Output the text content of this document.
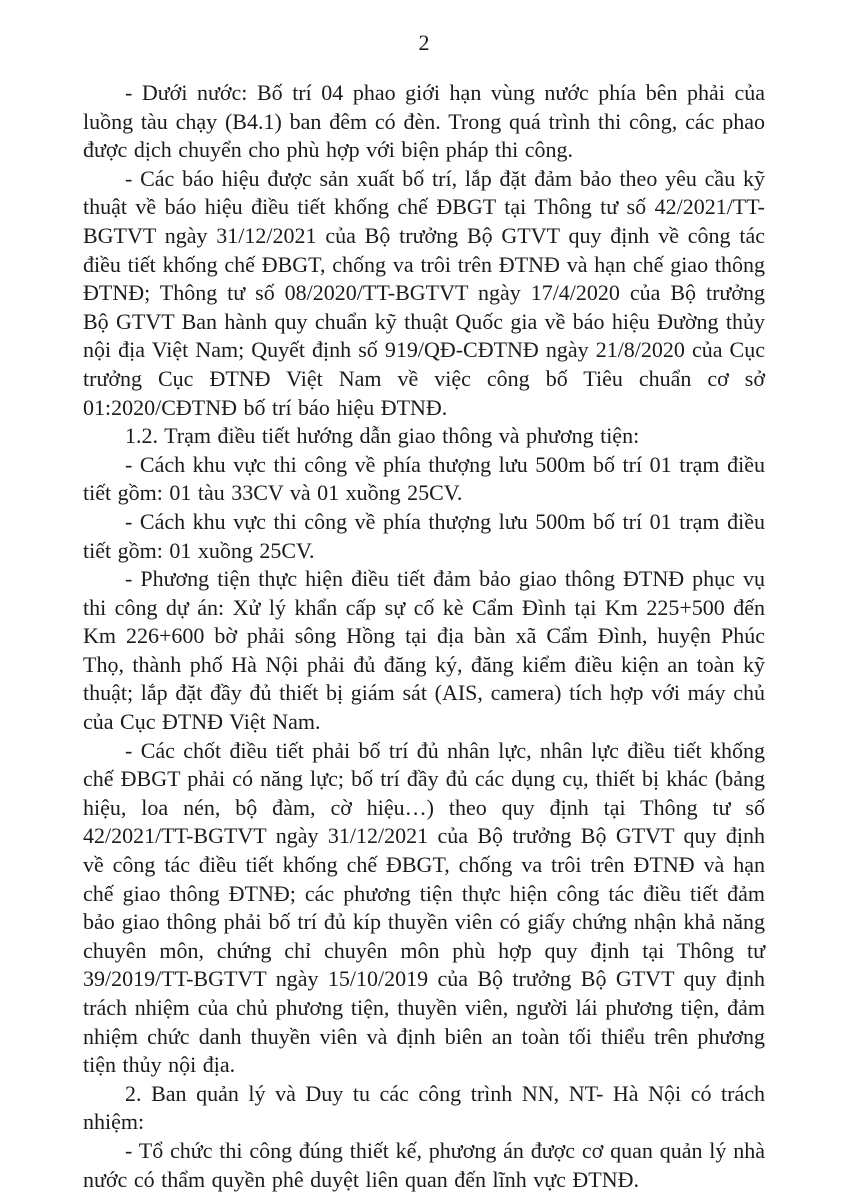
2

- Dưới nước: Bố trí 04 phao giới hạn vùng nước phía bên phải của luồng tàu chạy (B4.1) ban đêm có đèn. Trong quá trình thi công, các phao được dịch chuyển cho phù hợp với biện pháp thi công.

- Các báo hiệu được sản xuất bố trí, lắp đặt đảm bảo theo yêu cầu kỹ thuật về báo hiệu điều tiết khống chế ĐBGT tại Thông tư số 42/2021/TT-BGTVT ngày 31/12/2021 của Bộ trưởng Bộ GTVT quy định về công tác điều tiết khống chế ĐBGT, chống va trôi trên ĐTNĐ và hạn chế giao thông ĐTNĐ; Thông tư số 08/2020/TT-BGTVT ngày 17/4/2020 của Bộ trưởng Bộ GTVT Ban hành quy chuẩn kỹ thuật Quốc gia về báo hiệu Đường thủy nội địa Việt Nam; Quyết định số 919/QĐ-CĐTNĐ ngày 21/8/2020 của Cục trưởng Cục ĐTNĐ Việt Nam về việc công bố Tiêu chuẩn cơ sở 01:2020/CĐTNĐ bố trí báo hiệu ĐTNĐ.

1.2. Trạm điều tiết hướng dẫn giao thông và phương tiện:

- Cách khu vực thi công về phía thượng lưu 500m bố trí 01 trạm điều tiết gồm: 01 tàu 33CV và 01 xuồng 25CV.

- Cách khu vực thi công về phía thượng lưu 500m bố trí 01 trạm điều tiết gồm: 01 xuồng 25CV.

- Phương tiện thực hiện điều tiết đảm bảo giao thông ĐTNĐ phục vụ thi công dự án: Xử lý khẩn cấp sự cố kè Cẩm Đình tại Km 225+500 đến Km 226+600 bờ phải sông Hồng tại địa bàn xã Cẩm Đình, huyện Phúc Thọ, thành phố Hà Nội phải đủ đăng ký, đăng kiểm điều kiện an toàn kỹ thuật; lắp đặt đầy đủ thiết bị giám sát (AIS, camera) tích hợp với máy chủ của Cục ĐTNĐ Việt Nam.

- Các chốt điều tiết phải bố trí đủ nhân lực, nhân lực điều tiết khống chế ĐBGT phải có năng lực; bố trí đầy đủ các dụng cụ, thiết bị khác (bảng hiệu, loa nén, bộ đàm, cờ hiệu…) theo quy định tại Thông tư số 42/2021/TT-BGTVT ngày 31/12/2021 của Bộ trưởng Bộ GTVT quy định về công tác điều tiết khống chế ĐBGT, chống va trôi trên ĐTNĐ và hạn chế giao thông ĐTNĐ; các phương tiện thực hiện công tác điều tiết đảm bảo giao thông phải bố trí đủ kíp thuyền viên có giấy chứng nhận khả năng chuyên môn, chứng chỉ chuyên môn phù hợp quy định tại Thông tư 39/2019/TT-BGTVT ngày 15/10/2019 của Bộ trưởng Bộ GTVT quy định trách nhiệm của chủ phương tiện, thuyền viên, người lái phương tiện, đảm nhiệm chức danh thuyền viên và định biên an toàn tối thiểu trên phương tiện thủy nội địa.

2. Ban quản lý và Duy tu các công trình NN, NT- Hà Nội có trách nhiệm:

- Tổ chức thi công đúng thiết kế, phương án được cơ quan quản lý nhà nước có thẩm quyền phê duyệt liên quan đến lĩnh vực ĐTNĐ.
